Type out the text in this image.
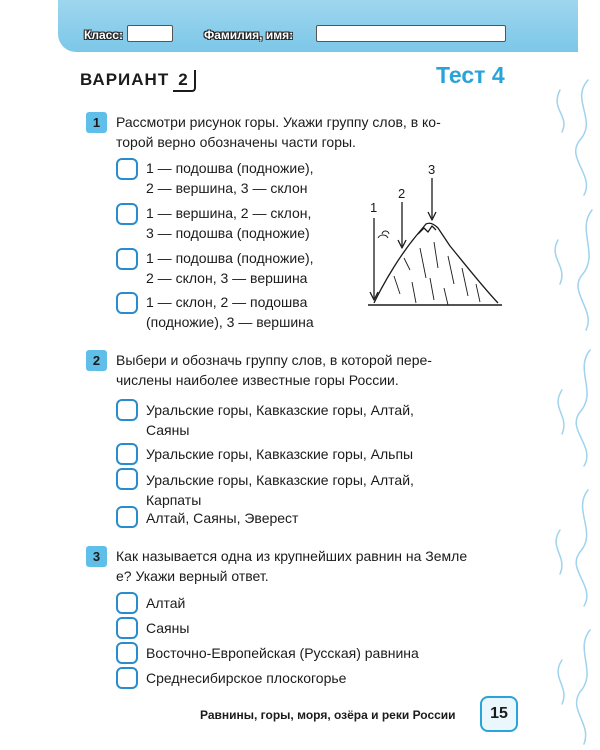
Класс:	Фамилия, имя:
ВАРИАНТ 2	Тест 4
1	Рассмотри рисунок горы. Укажи группу слов, в ко-
торой верно обозначены части горы.
1 — подошва (подножие),
2 — вершина, 3 — склон
1 — вершина, 2 — склон,
3 — подошва (подножие)
1 — подошва (подножие),
2 — склон, 3 — вершина
1 — склон, 2 — подошва
(подножие), 3 — вершина
1
2
3
2	Выбери и обозначь группу слов, в которой пере-
числены наиболее известные горы России.
Уральские горы, Кавказские горы, Алтай,
Саяны
Уральские горы, Кавказские горы, Альпы
Уральские горы, Кавказские горы, Алтай,
Карпаты
Алтай, Саяны, Эверест
3	Как называется одна из крупнейших равнин на Земле
е? Укажи верный ответ.
Алтай
Саяны
Восточно-Европейская (Русская) равнина
Среднесибирское плоскогорье
Равнины, горы, моря, озёра и реки России	15
